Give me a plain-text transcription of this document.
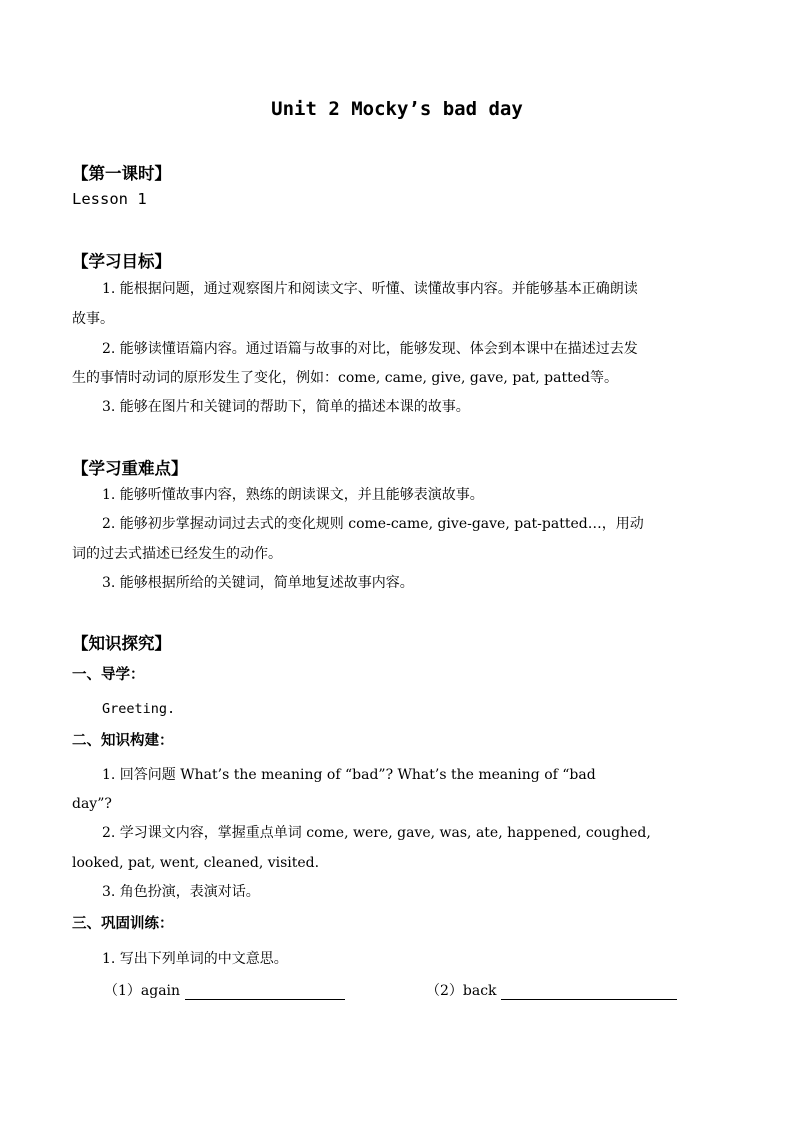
Unit 2 Mocky’s bad day
【第一课时】
Lesson 1
【学习目标】
1. 能根据问题，通过观察图片和阅读文字、听懂、读懂故事内容。并能够基本正确朗读
故事。
2. 能够读懂语篇内容。通过语篇与故事的对比，能够发现、体会到本课中在描述过去发
生的事情时动词的原形发生了变化，例如：come, came, give, gave, pat, patted等。
3. 能够在图片和关键词的帮助下，简单的描述本课的故事。
【学习重难点】
1. 能够听懂故事内容，熟练的朗读课文，并且能够表演故事。
2. 能够初步掌握动词过去式的变化规则 come-came, give-gave, pat-patted…，用动
词的过去式描述已经发生的动作。
3. 能够根据所给的关键词，简单地复述故事内容。
【知识探究】
一、导学：
Greeting.
二、知识构建：
1. 回答问题 What’s the meaning of “bad”? What’s the meaning of “bad
day”?
2. 学习课文内容，掌握重点单词 come, were, gave, was, ate, happened, coughed,
looked, pat, went, cleaned, visited.
3. 角色扮演，表演对话。
三、巩固训练：
1. 写出下列单词的中文意思。
（1）again	（2）back
